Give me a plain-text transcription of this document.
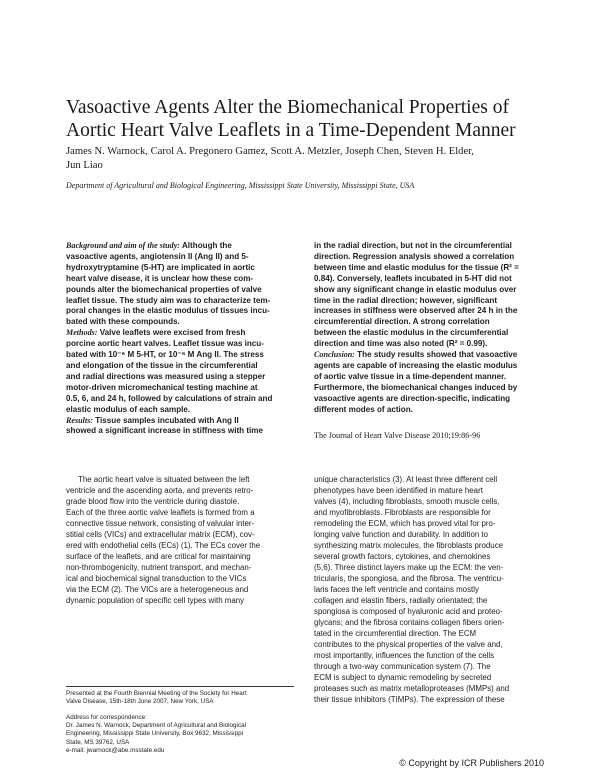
Vasoactive Agents Alter the Biomechanical Properties of
Aortic Heart Valve Leaflets in a Time-Dependent Manner
James N. Warnock, Carol A. Pregonero Gamez, Scott A. Metzler, Joseph Chen, Steven H. Elder,
Jun Liao
Department of Agricultural and Biological Engineering, Mississippi State University, Mississippi State, USA
Background and aim of the study: Although the
vasoactive agents, angiotensin II (Ang II) and 5-
hydroxytryptamine (5-HT) are implicated in aortic
heart valve disease, it is unclear how these com-
pounds alter the biomechanical properties of valve
leaflet tissue. The study aim was to characterize tem-
poral changes in the elastic modulus of tissues incu-
bated with these compounds.
Methods: Valve leaflets were excised from fresh
porcine aortic heart valves. Leaflet tissue was incu-
bated with 10⁻⁶ M 5-HT, or 10⁻⁶ M Ang II. The stress
and elongation of the tissue in the circumferential
and radial directions was measured using a stepper
motor-driven micromechanical testing machine at
0.5, 6, and 24 h, followed by calculations of strain and
elastic modulus of each sample.
Results: Tissue samples incubated with Ang II
showed a significant increase in stiffness with time
in the radial direction, but not in the circumferential
direction. Regression analysis showed a correlation
between time and elastic modulus for the tissue (R² =
0.84). Conversely, leaflets incubated in 5-HT did not
show any significant change in elastic modulus over
time in the radial direction; however, significant
increases in stiffness were observed after 24 h in the
circumferential direction. A strong correlation
between the elastic modulus in the circumferential
direction and time was also noted (R² = 0.99).
Conclusion: The study results showed that vasoactive
agents are capable of increasing the elastic modulus
of aortic valve tissue in a time-dependent manner.
Furthermore, the biomechanical changes induced by
vasoactive agents are direction-specific, indicating
different modes of action.
The Journal of Heart Valve Disease 2010;19:86-96
The aortic heart valve is situated between the left
ventricle and the ascending aorta, and prevents retro-
grade blood flow into the ventricle during diastole.
Each of the three aortic valve leaflets is formed from a
connective tissue network, consisting of valvular inter-
stitial cells (VICs) and extracellular matrix (ECM), cov-
ered with endothelial cells (ECs) (1). The ECs cover the
surface of the leaflets, and are critical for maintaining
non-thrombogenicity, nutrient transport, and mechan-
ical and biochemical signal transduction to the VICs
via the ECM (2). The VICs are a heterogeneous and
dynamic population of specific cell types with many
unique characteristics (3). At least three different cell
phenotypes have been identified in mature heart
valves (4), including fibroblasts, smooth muscle cells,
and myofibroblasts. Fibroblasts are responsible for
remodeling the ECM, which has proved vital for pro-
longing valve function and durability. In addition to
synthesizing matrix molecules, the fibroblasts produce
several growth factors, cytokines, and chemokines
(5,6). Three distinct layers make up the ECM: the ven-
tricularis, the spongiosa, and the fibrosa. The ventricu-
laris faces the left ventricle and contains mostly
collagen and elastin fibers, radially orientated; the
spongiosa is composed of hyaluronic acid and proteo-
glycans; and the fibrosa contains collagen fibers orien-
tated in the circumferential direction. The ECM
contributes to the physical properties of the valve and,
most importantly, influences the function of the cells
through a two-way communication system (7). The
ECM is subject to dynamic remodeling by secreted
proteases such as matrix metalloproteases (MMPs) and
their tissue inhibitors (TIMPs). The expression of these
Presented at the Fourth Biennial Meeting of the Society for Heart
Valve Disease, 15th-18th June 2007, New York, USA
Address for correspondence:
Dr. James N. Warnock, Department of Agricultural and Biological
Engineering, Mississippi State University, Box 9632, Mississippi
State, MS 39762, USA
e-mail: jwarnock@abe.msstate.edu
© Copyright by ICR Publishers 2010
